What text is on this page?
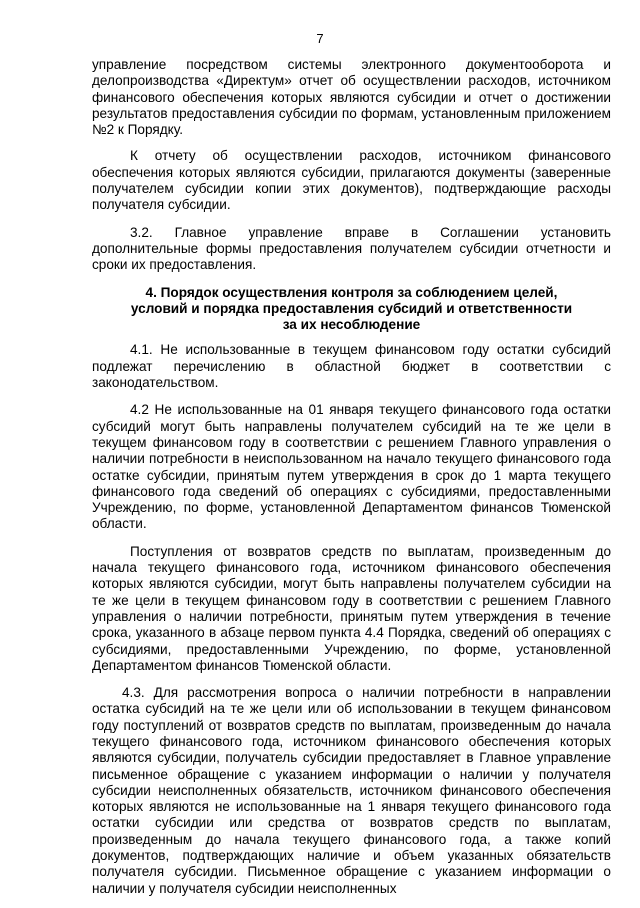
7

управление посредством системы электронного документооборота и делопроизводства «Директум» отчет об осуществлении расходов, источником финансового обеспечения которых являются субсидии и отчет о достижении результатов предоставления субсидии по формам, установленным приложением №2 к Порядку.

К отчету об осуществлении расходов, источником финансового обеспечения которых являются субсидии, прилагаются документы (заверенные получателем субсидии копии этих документов), подтверждающие расходы получателя субсидии.

3.2. Главное управление вправе в Соглашении установить дополнительные формы предоставления получателем субсидии отчетности и сроки их предоставления.

4. Порядок осуществления контроля за соблюдением целей,
условий и порядка предоставления субсидий и ответственности
за их несоблюдение

4.1. Не использованные в текущем финансовом году остатки субсидий подлежат перечислению в областной бюджет в соответствии с законодательством.

4.2 Не использованные на 01 января текущего финансового года остатки субсидий могут быть направлены получателем субсидий на те же цели в текущем финансовом году в соответствии с решением Главного управления о наличии потребности в неиспользованном на начало текущего финансового года остатке субсидии, принятым путем утверждения в срок до 1 марта текущего финансового года сведений об операциях с субсидиями, предоставленными Учреждению, по форме, установленной Департаментом финансов Тюменской области.

Поступления от возвратов средств по выплатам, произведенным до начала текущего финансового года, источником финансового обеспечения которых являются субсидии, могут быть направлены получателем субсидии на те же цели в текущем финансовом году в соответствии с решением Главного управления о наличии потребности, принятым путем утверждения в течение срока, указанного в абзаце первом пункта 4.4 Порядка, сведений об операциях с субсидиями, предоставленными Учреждению, по форме, установленной Департаментом финансов Тюменской области.

4.3. Для рассмотрения вопроса о наличии потребности в направлении остатка субсидий на те же цели или об использовании в текущем финансовом году поступлений от возвратов средств по выплатам, произведенным до начала текущего финансового года, источником финансового обеспечения которых являются субсидии, получатель субсидии предоставляет в Главное управление письменное обращение с указанием информации о наличии у получателя субсидии неисполненных обязательств, источником финансового обеспечения которых являются не использованные на 1 января текущего финансового года остатки субсидии или средства от возвратов средств по выплатам, произведенным до начала текущего финансового года, а также копий документов, подтверждающих наличие и объем указанных обязательств получателя субсидии. Письменное обращение с указанием информации о наличии у получателя субсидии неисполненных
